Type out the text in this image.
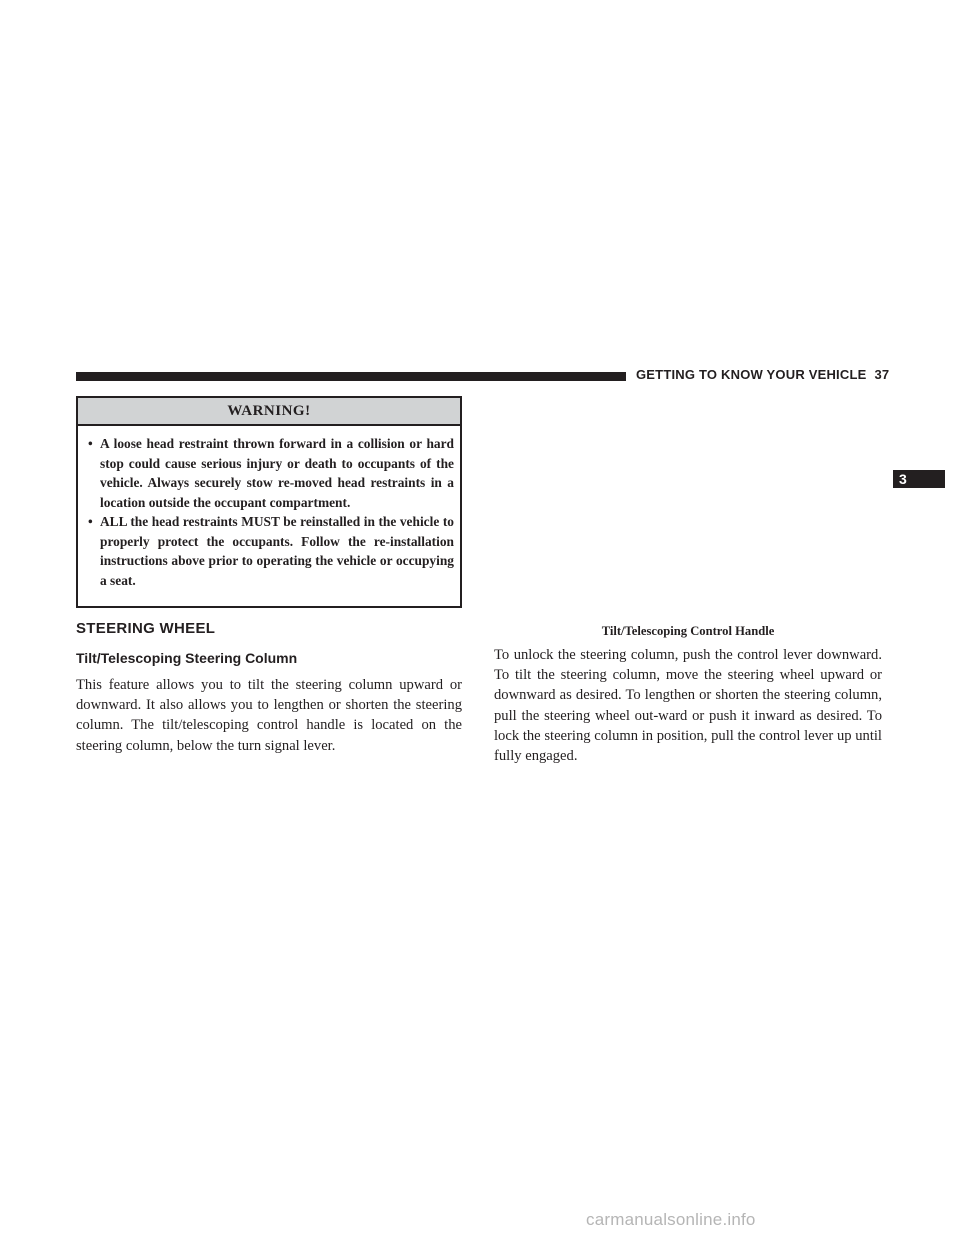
GETTING TO KNOW YOUR VEHICLE 37
3
WARNING!
• A loose head restraint thrown forward in a collision or hard stop could cause serious injury or death to occupants of the vehicle. Always securely stow re-moved head restraints in a location outside the occupant compartment.
• ALL the head restraints MUST be reinstalled in the vehicle to properly protect the occupants. Follow the re-installation instructions above prior to operating the vehicle or occupying a seat.
STEERING WHEEL
Tilt/Telescoping Steering Column

This feature allows you to tilt the steering column upward or downward. It also allows you to lengthen or shorten the steering column. The tilt/telescoping control handle is located on the steering column, below the turn signal lever.

Tilt/Telescoping Control Handle

To unlock the steering column, push the control lever downward. To tilt the steering column, move the steering wheel upward or downward as desired. To lengthen or shorten the steering column, pull the steering wheel out-ward or push it inward as desired. To lock the steering column in position, pull the control lever up until fully engaged.

carmanualsonline.info
